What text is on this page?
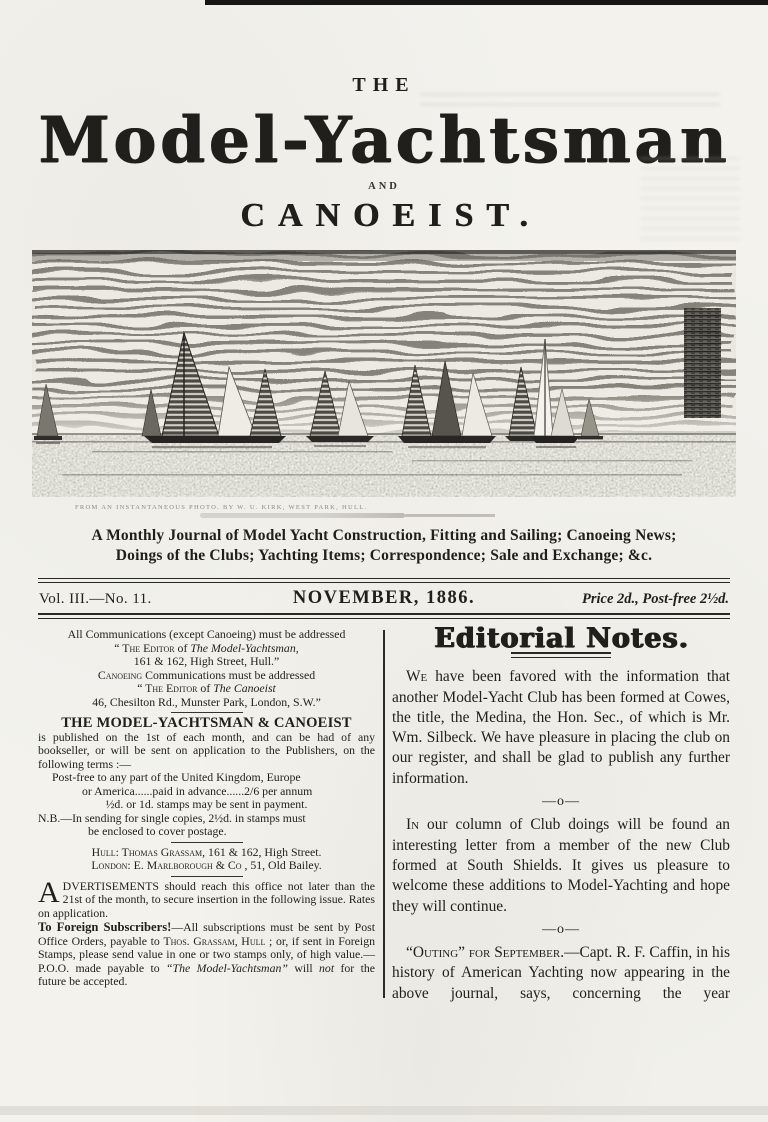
THE

Model-Yachtsman

AND

CANOEIST.

FROM AN INSTANTANEOUS PHOTO. BY W. U. KIRK, WEST PARK, HULL.

A Monthly Journal of Model Yacht Construction, Fitting and Sailing; Canoeing News;

Doings of the Clubs; Yachting Items; Correspondence; Sale and Exchange; &c.

Vol. III.—No. 11.	NOVEMBER, 1886.	Price 2d., Post-free 2½d.

All Communications (except Canoeing) must be addressed

“ The Editor of The Model-Yachtsman,

161 & 162, High Street, Hull.”

Canoeing Communications must be addressed

“ The Editor of The Canoeist

46, Chesilton Rd., Munster Park, London, S.W.”

THE MODEL-YACHTSMAN & CANOEIST

is published on the 1st of each month, and can be had of any bookseller, or will be sent on application to the Publishers, on the following terms :—

Post-free to any part of the United Kingdom, Europe

or America......paid in advance......2/6 per annum

½d. or 1d. stamps may be sent in payment.

N.B.—In sending for single copies, 2½d. in stamps must

be enclosed to cover postage.

Hull: Thomas Grassam, 161 & 162, High Street.

London: E. Marlborough & Co , 51, Old Bailey.

ADVERTISEMENTS should reach this office not later than the 21st of the month, to secure insertion in the following issue. Rates on application.

To Foreign Subscribers!—All subscriptions must be sent by Post Office Orders, payable to Thos. Grassam, Hull ; or, if sent in Foreign Stamps, please send value in one or two stamps only, of high value.—P.O.O. made payable to “The Model-Yachtsman” will not for the future be accepted.

Editorial Notes.

We have been favored with the information that another Model-Yacht Club has been formed at Cowes, the title, the Medina, the Hon. Sec., of which is Mr. Wm. Silbeck. We have pleasure in placing the club on our register, and shall be glad to publish any further information.

—o—

In our column of Club doings will be found an interesting letter from a member of the new Club formed at South Shields. It gives us pleasure to welcome these additions to Model-Yachting and hope they will continue.

—o—

“Outing” for September.—Capt. R. F. Caffin, in his history of American Yachting now appearing in the above journal, says, concerning the year
